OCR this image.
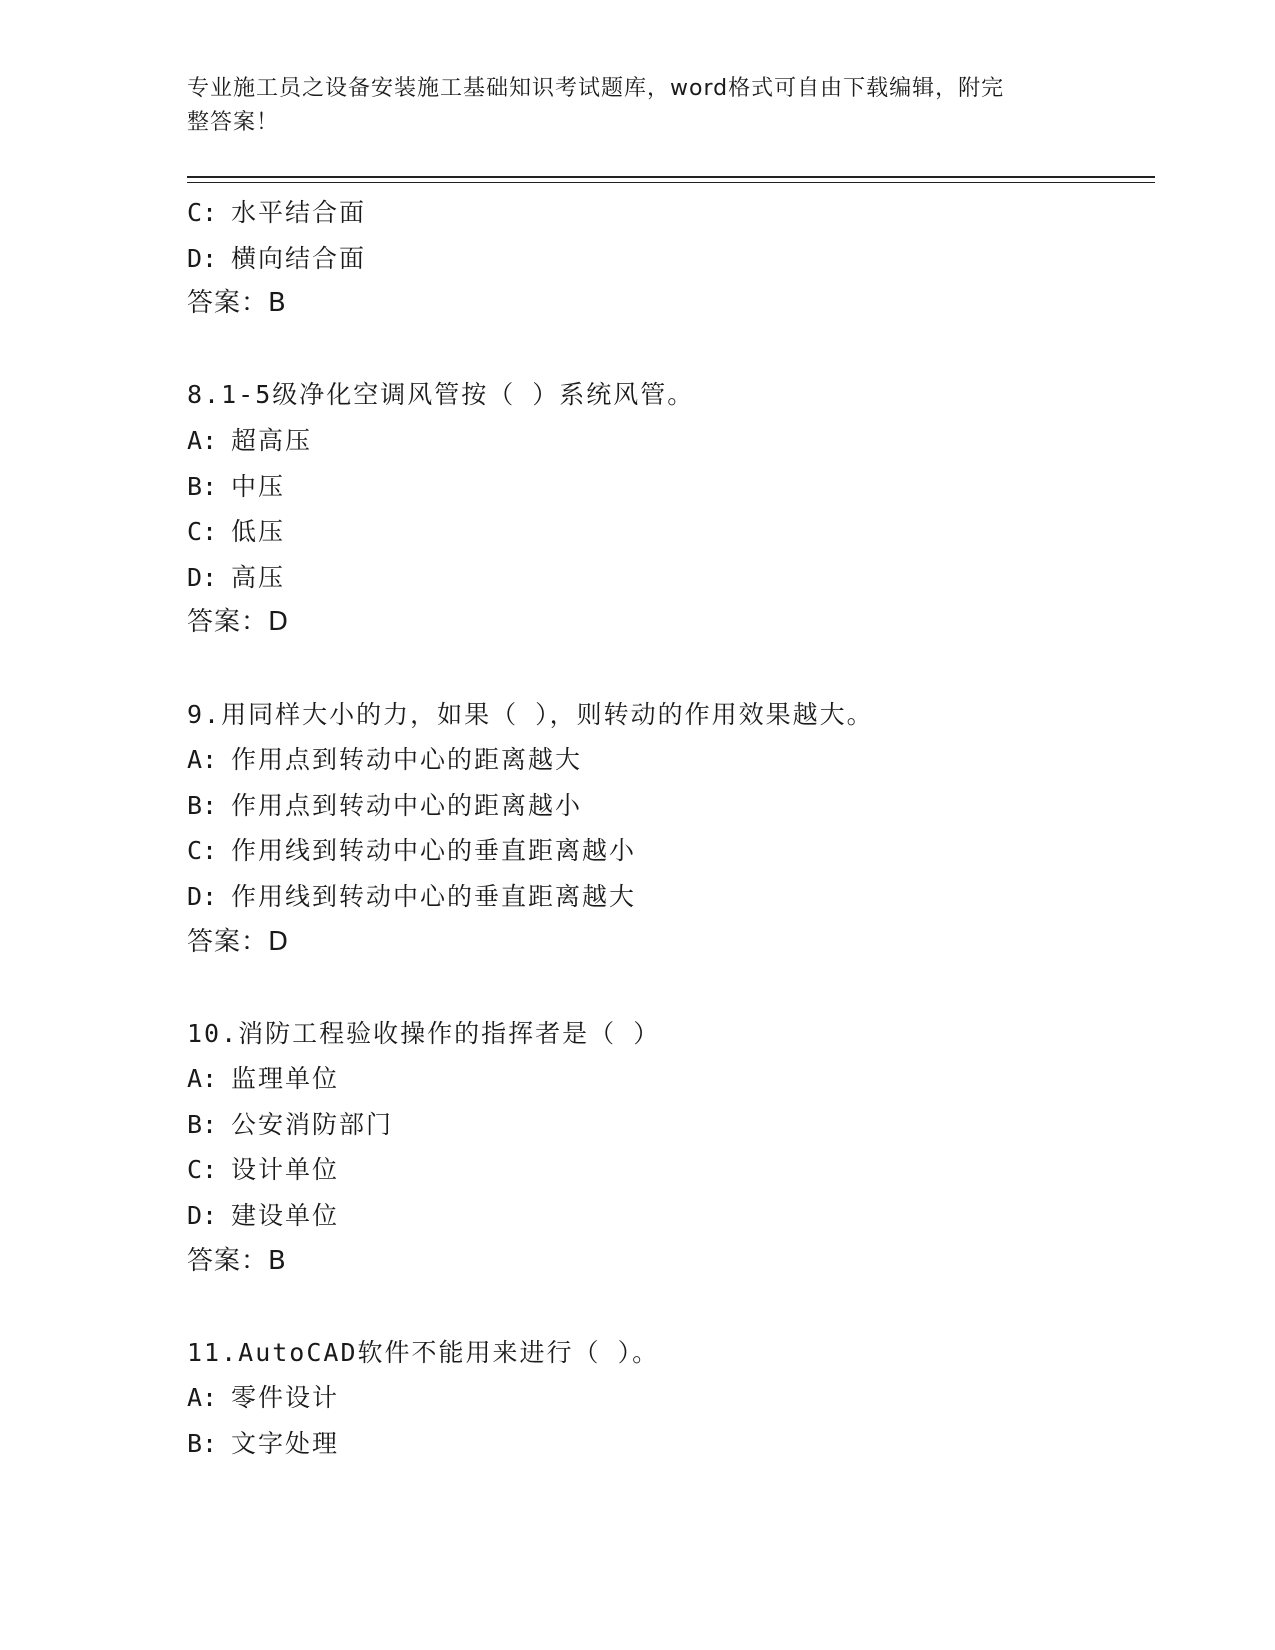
专业施工员之设备安装施工基础知识考试题库，word格式可自由下载编辑，附完
整答案！
C: 水平结合面
D: 横向结合面
答案：B
8.1-5级净化空调风管按（ ）系统风管。
A: 超高压
B: 中压
C: 低压
D: 高压
答案：D
9.用同样大小的力，如果（ ），则转动的作用效果越大。
A: 作用点到转动中心的距离越大
B: 作用点到转动中心的距离越小
C: 作用线到转动中心的垂直距离越小
D: 作用线到转动中心的垂直距离越大
答案：D
10.消防工程验收操作的指挥者是（ ）
A: 监理单位
B: 公安消防部门
C: 设计单位
D: 建设单位
答案：B
11.AutoCAD软件不能用来进行（ ）。
A: 零件设计
B: 文字处理
